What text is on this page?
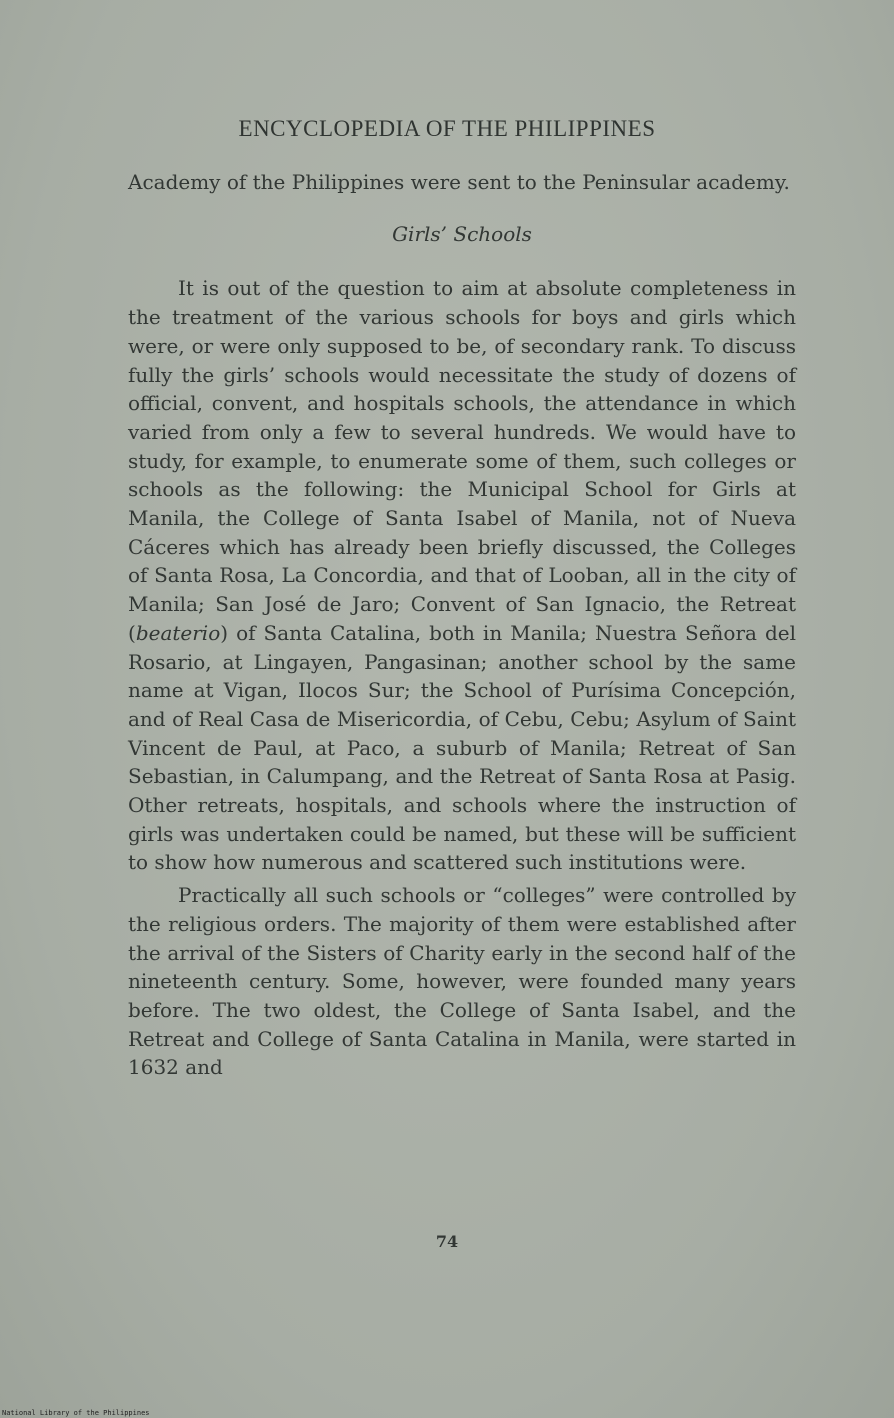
ENCYCLOPEDIA OF THE PHILIPPINES

Academy of the Philippines were sent to the Peninsular academy.

Girls’ Schools

It is out of the question to aim at absolute completeness in the treatment of the various schools for boys and girls which were, or were only supposed to be, of secondary rank. To discuss fully the girls’ schools would necessitate the study of dozens of official, convent, and hospitals schools, the attendance in which varied from only a few to several hundreds. We would have to study, for example, to enumerate some of them, such colleges or schools as the following: the Municipal School for Girls at Manila, the College of Santa Isabel of Manila, not of Nueva Cáceres which has already been briefly discussed, the Colleges of Santa Rosa, La Concordia, and that of Looban, all in the city of Manila; San José de Jaro; Convent of San Ignacio, the Retreat (beaterio) of Santa Catalina, both in Manila; Nuestra Señora del Rosario, at Lingayen, Pangasinan; another school by the same name at Vigan, Ilocos Sur; the School of Purísima Concepción, and of Real Casa de Misericordia, of Cebu, Cebu; Asylum of Saint Vincent de Paul, at Paco, a suburb of Manila; Retreat of San Sebastian, in Calumpang, and the Retreat of Santa Rosa at Pasig. Other retreats, hospitals, and schools where the instruction of girls was undertaken could be named, but these will be sufficient to show how numerous and scattered such institutions were.

Practically all such schools or “colleges” were controlled by the religious orders. The majority of them were established after the arrival of the Sisters of Charity early in the second half of the nineteenth century. Some, however, were founded many years before. The two oldest, the College of Santa Isabel, and the Retreat and College of Santa Catalina in Manila, were started in 1632 and

74
National Library of the Philippines
